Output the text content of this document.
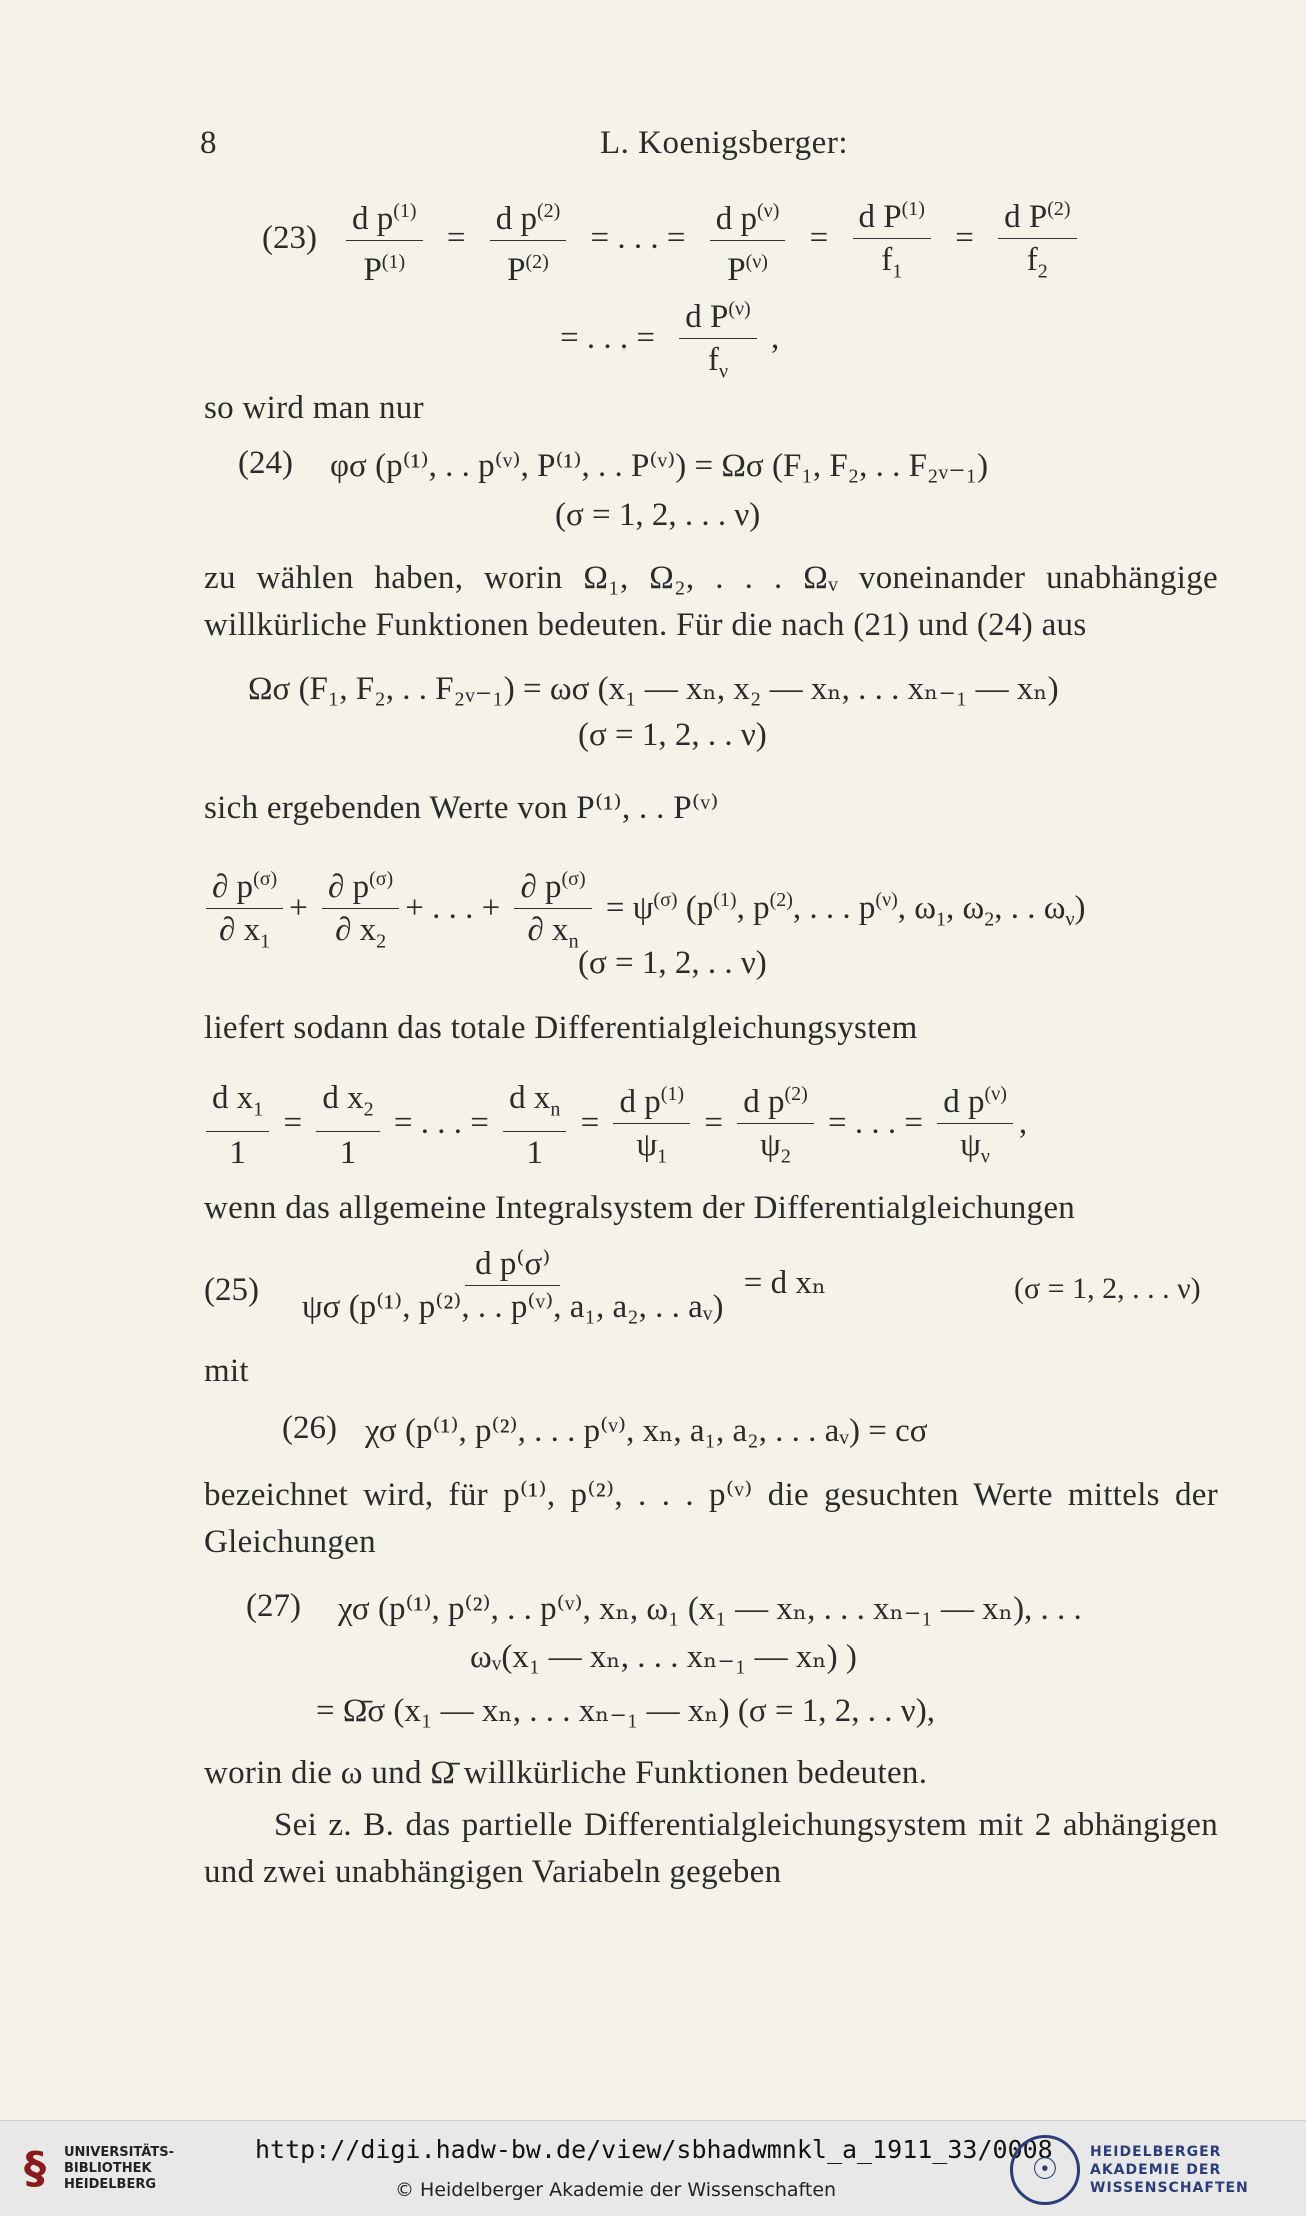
8	L. Koenigsberger:
$(23) \frac{d p^{(1)}}{P^{(1)}} = \frac{d p^{(2)}}{P^{(2)}}$ = . . . = $\frac{d p^{(\nu)}}{P^{(\nu)}} = \frac{d P^{(1)}}{f_1} = \frac{d P^{(2)}}{f_2}$
= . . . = $\frac{d P^{(\nu)}}{f_\nu}$ ,
so wird man nur
(24) φσ (p⁽¹⁾, . . p⁽ᵛ⁾, P⁽¹⁾, . . P⁽ᵛ⁾) = Ωσ (F₁, F₂, . . F₂ᵥ₋₁)
(σ = 1, 2, . . . ν)
zu wählen haben, worin Ω₁, Ω₂, . . . Ωᵥ voneinander unabhängige willkürliche Funktionen bedeuten. Für die nach (21) und (24) aus
Ωσ (F₁, F₂, . . F₂ᵥ₋₁) = ωσ (x₁ — xₙ, x₂ — xₙ, . . . xₙ₋₁ — xₙ)
(σ = 1, 2, . . ν)
sich ergebenden Werte von P⁽¹⁾, . . P⁽ᵛ⁾
$\frac{\partial p^{(\sigma)}}{\partial x_1} + \frac{\partial p^{(\sigma)}}{\partial x_2}$ + . . . + $\frac{\partial p^{(\sigma)}}{\partial x_n} = \psi^{(\sigma)}$ ($p^{(1)}$, $p^{(2)}$, . . . $p^{(\nu)}$, $\omega_1$, $\omega_2$, . . $\omega_\nu$)
(σ = 1, 2, . . ν)
liefert sodann das totale Differentialgleichungsystem
$\frac{d x_1}{1} = \frac{d x_2}{1}$ = . . . = $\frac{d x_n}{1} = \frac{d p^{(1)}}{\psi_1} = \frac{d p^{(2)}}{\psi_2}$ = . . . = $\frac{d p^{(\nu)}}{\psi_\nu}$ ,
wenn das allgemeine Integralsystem der Differentialgleichungen
$(25) \frac{\text{d p⁽σ⁾}}{\text{ψσ (p⁽¹⁾, p⁽²⁾, . . p⁽ᵛ⁾, a₁, a₂, . . aᵥ)}} = d$ xₙ	(σ = 1, 2, . . . ν)
mit
(26) χσ (p⁽¹⁾, p⁽²⁾, . . . p⁽ᵛ⁾, xₙ, a₁, a₂, . . . aᵥ) = cσ
bezeichnet wird, für p⁽¹⁾, p⁽²⁾, . . . p⁽ᵛ⁾ die gesuchten Werte mittels der Gleichungen
(27) χσ (p⁽¹⁾, p⁽²⁾, . . p⁽ᵛ⁾, xₙ, ω₁ (x₁ — xₙ, . . . xₙ₋₁ — xₙ), . . .
ωᵥ(x₁ — xₙ, . . . xₙ₋₁ — xₙ) )
= Ω̄σ (x₁ — xₙ, . . . xₙ₋₁ — xₙ) (σ = 1, 2, . . ν),
worin die ω und Ω̄ willkürliche Funktionen bedeuten.
Sei z. B. das partielle Differentialgleichungsystem mit 2 abhängigen und zwei unabhängigen Variabeln gegeben
§	UNIVERSITÄTS- BIBLIOTHEK HEIDELBERG
http://digi.hadw-bw.de/view/sbhadwmnkl_a_1911_33/0008
© Heidelberger Akademie der Wissenschaften
☉	HEIDELBERGER AKADEMIE DER WISSENSCHAFTEN
